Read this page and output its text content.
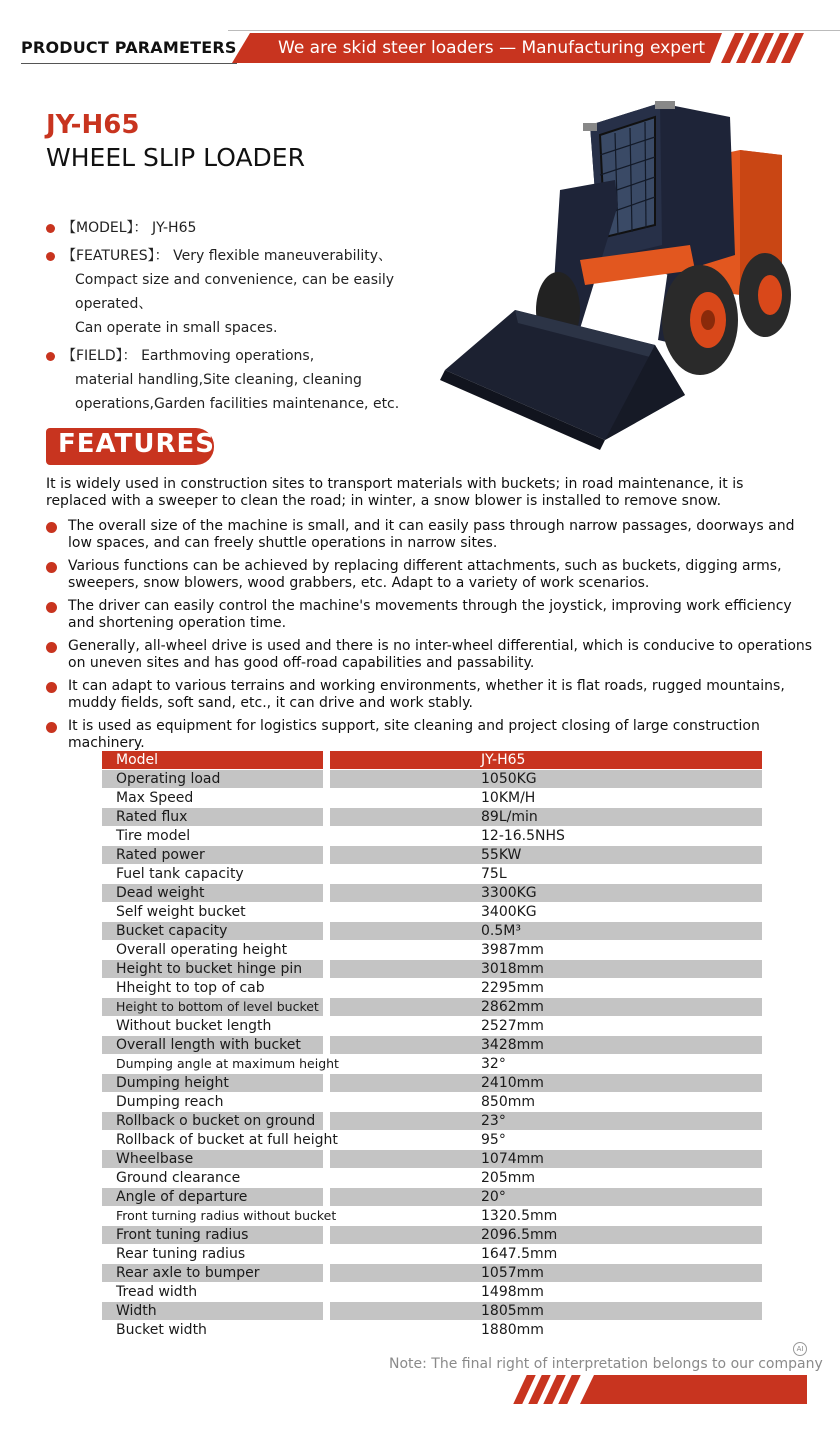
PRODUCT PARAMETERS We are skid steer loaders — Manufacturing expert
JY-H65
WHEEL SLIP LOADER
【MODEL】： JY-H65
【FEATURES】： Very flexible maneuverability、
Compact size and convenience, can be easily operated、
Can operate in small spaces.
【FIELD】： Earthmoving operations,
material handling,Site cleaning, cleaning
operations,Garden facilities maintenance, etc.
FEATURES
It is widely used in construction sites to transport materials with buckets; in road maintenance, it is replaced with a sweeper to clean the road; in winter, a snow blower is installed to remove snow.
The overall size of the machine is small, and it can easily pass through narrow passages, doorways and low spaces, and can freely shuttle operations in narrow sites.
Various functions can be achieved by replacing different attachments, such as buckets, digging arms, sweepers, snow blowers, wood grabbers, etc. Adapt to a variety of work scenarios.
The driver can easily control the machine's movements through the joystick, improving work efficiency and shortening operation time.
Generally, all-wheel drive is used and there is no inter-wheel differential, which is conducive to operations on uneven sites and has good off-road capabilities and passability.
It can adapt to various terrains and working environments, whether it is flat roads, rugged mountains, muddy fields, soft sand, etc., it can drive and work stably.
It is used as equipment for logistics support, site cleaning and project closing of large construction machinery.
Model	JY-H65
Operating load	1050KG
Max Speed	10KM/H
Rated flux	89L/min
Tire model	12-16.5NHS
Rated power	55KW
Fuel tank capacity	75L
Dead weight	3300KG
Self weight bucket	3400KG
Bucket capacity	0.5M³
Overall operating height	3987mm
Height to bucket hinge pin	3018mm
Hheight to top of cab	2295mm
Height to bottom of level bucket	2862mm
Without bucket length	2527mm
Overall length with bucket	3428mm
Dumping angle at maximum height	32°
Dumping height	2410mm
Dumping reach	850mm
Rollback o bucket on ground	23°
Rollback of bucket at full height	95°
Wheelbase	1074mm
Ground clearance	205mm
Angle of departure	20°
Front turning radius without bucket	1320.5mm
Front tuning radius	2096.5mm
Rear tuning radius	1647.5mm
Rear axle to bumper	1057mm
Tread width	1498mm
Width	1805mm
Bucket width	1880mm
AI
Note: The final right of interpretation belongs to our company
